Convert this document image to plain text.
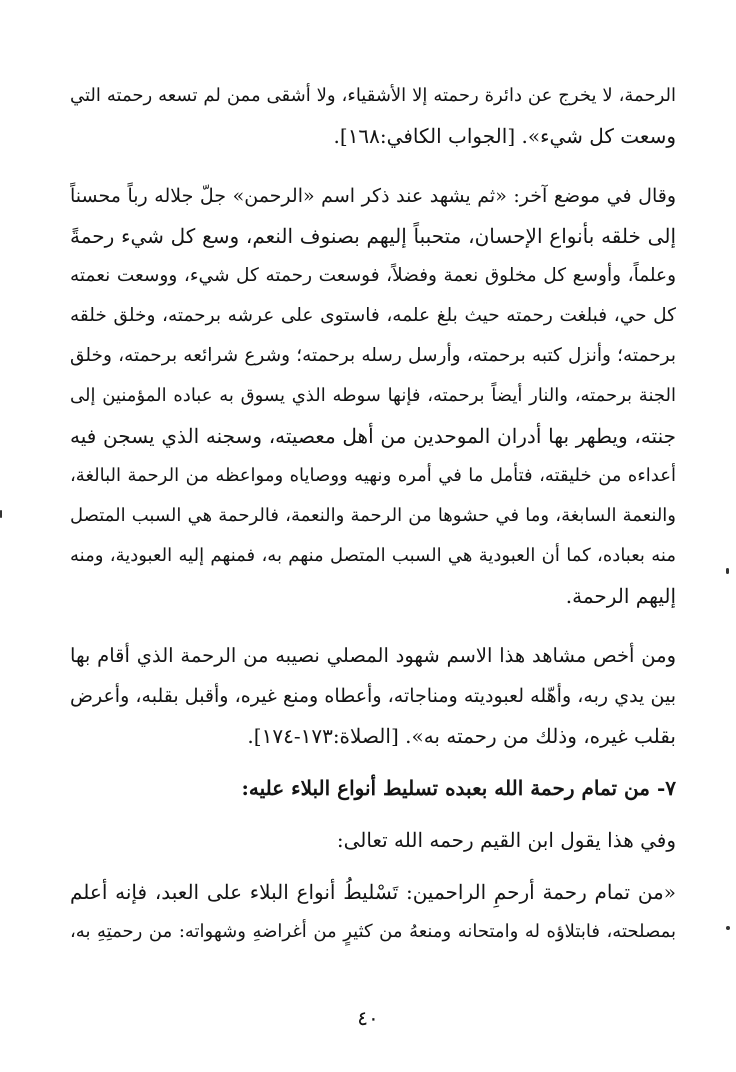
الرحمة، لا يخرج عن دائرة رحمته إلا الأشقياء، ولا أشقى ممن لم تسعه رحمته التي

وسعت كل شيء». [الجواب الكافي:١٦٨].

وقال في موضع آخر: «ثم يشهد عند ذكر اسم «الرحمن» جلّ جلاله رباً محسناً

إلى خلقه بأنواع الإحسان، متحبباً إليهم بصنوف النعم، وسع كل شيء رحمةً

وعلماً، وأوسع كل مخلوق نعمة وفضلاً، فوسعت رحمته كل شيء، ووسعت نعمته

كل حي، فبلغت رحمته حيث بلغ علمه، فاستوى على عرشه برحمته، وخلق خلقه

برحمته؛ وأنزل كتبه برحمته، وأرسل رسله برحمته؛ وشرع شرائعه برحمته، وخلق

الجنة برحمته، والنار أيضاً برحمته، فإنها سوطه الذي يسوق به عباده المؤمنين إلى

جنته، ويطهر بها أدران الموحدين من أهل معصيته، وسجنه الذي يسجن فيه

أعداءه من خليقته، فتأمل ما في أمره ونهيه ووصاياه ومواعظه من الرحمة البالغة،

والنعمة السابغة، وما في حشوها من الرحمة والنعمة، فالرحمة هي السبب المتصل

منه بعباده، كما أن العبودية هي السبب المتصل منهم به، فمنهم إليه العبودية، ومنه

إليهم الرحمة.

ومن أخص مشاهد هذا الاسم شهود المصلي نصيبه من الرحمة الذي أقام بها

بين يدي ربه، وأهّله لعبوديته ومناجاته، وأعطاه ومنع غيره، وأقبل بقلبه، وأعرض

بقلب غيره، وذلك من رحمته به». [الصلاة:١٧٣-١٧٤].

٧- من تمام رحمة الله بعبده تسليط أنواع البلاء عليه:

وفي هذا يقول ابن القيم رحمه الله تعالى:

«من تمام رحمة أرحمِ الراحمين: تَسْليطُ أنواع البلاء على العبد، فإنه أعلم

بمصلحته، فابتلاؤه له وامتحانه ومنعهُ من كثيرٍ من أغراضهِ وشهواته: من رحمتِهِ به،

٤٠
